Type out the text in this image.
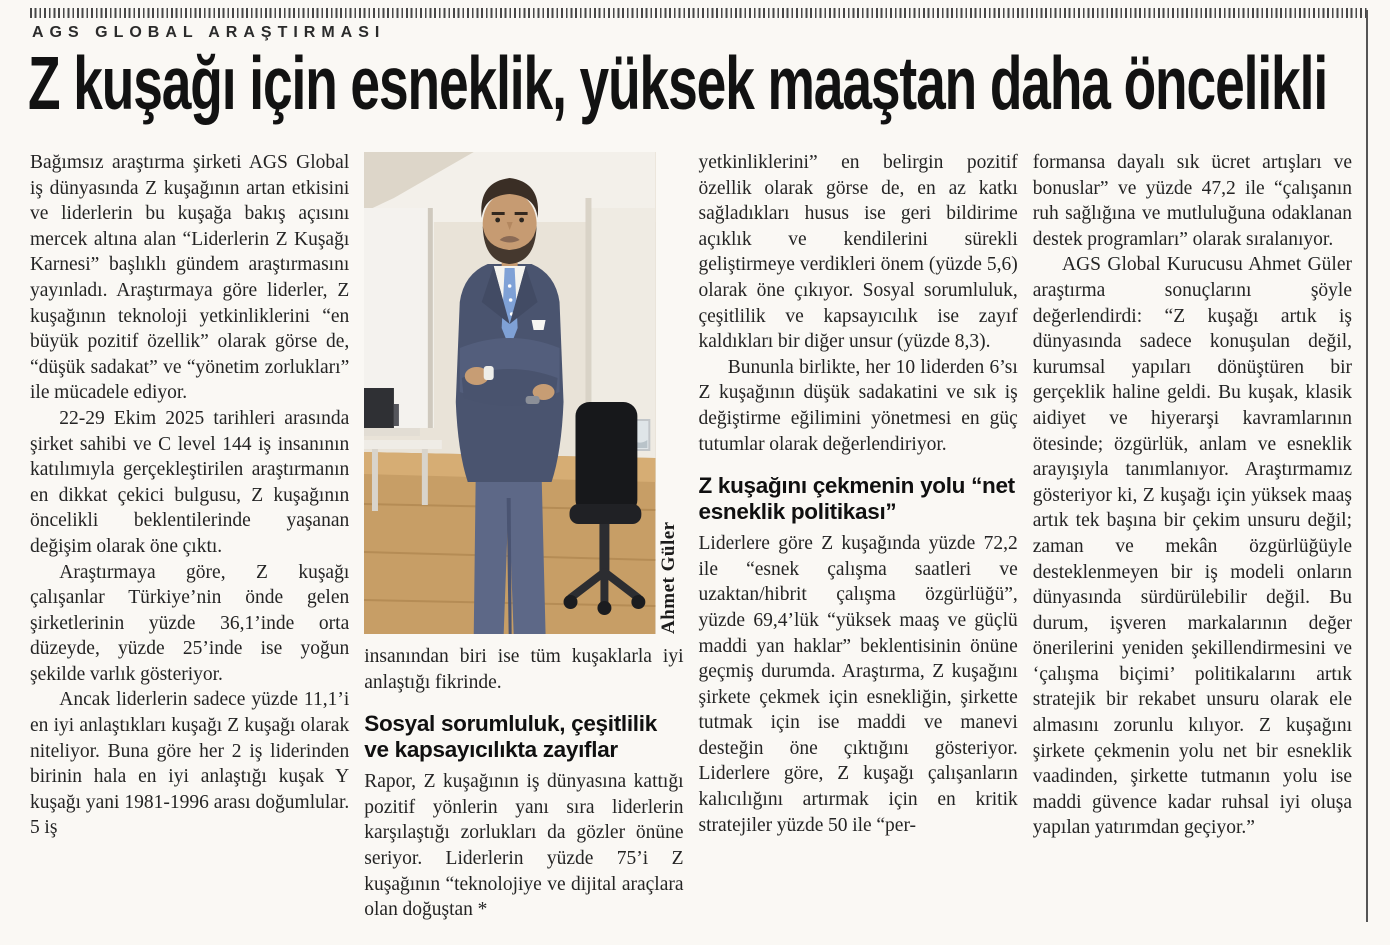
AGS GLOBAL ARAŞTIRMASI

Z kuşağı için esneklik, yüksek maaştan daha öncelikli

Bağımsız araştırma şirketi AGS Global iş dünyasında Z kuşağının artan etkisini ve liderlerin bu kuşağa bakış açısını mercek altına alan “Liderlerin Z Kuşağı Karnesi” başlıklı gündem araştırmasını yayınladı. Araştırmaya göre liderler, Z kuşağının teknoloji yetkinliklerini “en büyük pozitif özellik” olarak görse de, “düşük sadakat” ve “yönetim zorlukları” ile mücadele ediyor.

22-29 Ekim 2025 tarihleri arasında şirket sahibi ve C level 144 iş insanının katılımıyla gerçekleştirilen araştırmanın en dikkat çekici bulgusu, Z kuşağının öncelikli beklentilerinde yaşanan değişim olarak öne çıktı.

Araştırmaya göre, Z kuşağı çalışanlar Türkiye’nin önde gelen şirketlerinin yüzde 36,1’inde orta düzeyde, yüzde 25’inde ise yoğun şekilde varlık gösteriyor.

Ancak liderlerin sadece yüzde 11,1’i en iyi anlaştıkları kuşağı Z kuşağı olarak niteliyor. Buna göre her 2 iş liderinden birinin hala en iyi anlaştığı kuşak Y kuşağı yani 1981-1996 arası doğumlular. 5 iş

Ahmet Güler

insanından biri ise tüm kuşaklarla iyi anlaştığı fikrinde.

Sosyal sorumluluk, çeşitlilik ve kapsayıcılıkta zayıflar

Rapor, Z kuşağının iş dünyasına kattığı pozitif yönlerin yanı sıra liderlerin karşılaştığı zorlukları da gözler önüne seriyor. Liderlerin yüzde 75’i Z kuşağının “teknolojiye ve dijital araçlara olan doğuştan *

yetkinliklerini” en belirgin pozitif özellik olarak görse de, en az katkı sağladıkları husus ise geri bildirime açıklık ve kendilerini sürekli geliştirmeye verdikleri önem (yüzde 5,6) olarak öne çıkıyor. Sosyal sorumluluk, çeşitlilik ve kapsayıcılık ise zayıf kaldıkları bir diğer unsur (yüzde 8,3).

Bununla birlikte, her 10 liderden 6’sı Z kuşağının düşük sadakatini ve sık iş değiştirme eğilimini yönetmesi en güç tutumlar olarak değerlendiriyor.

Z kuşağını çekmenin yolu “net esneklik politikası”

Liderlere göre Z kuşağında yüzde 72,2 ile “esnek çalışma saatleri ve uzaktan/hibrit çalışma özgürlüğü”, yüzde 69,4’lük “yüksek maaş ve güçlü maddi yan haklar” beklentisinin önüne geçmiş durumda. Araştırma, Z kuşağını şirkete çekmek için esnekliğin, şirkette tutmak için ise maddi ve manevi desteğin öne çıktığını gösteriyor. Liderlere göre, Z kuşağı çalışanların kalıcılığını artırmak için en kritik stratejiler yüzde 50 ile “per-

formansa dayalı sık ücret artışları ve bonuslar” ve yüzde 47,2 ile “çalışanın ruh sağlığına ve mutluluğuna odaklanan destek programları” olarak sıralanıyor.

AGS Global Kurucusu Ahmet Güler araştırma sonuçlarını şöyle değerlendirdi: “Z kuşağı artık iş dünyasında sadece konuşulan değil, kurumsal yapıları dönüştüren bir gerçeklik haline geldi. Bu kuşak, klasik aidiyet ve hiyerarşi kavramlarının ötesinde; özgürlük, anlam ve esneklik arayışıyla tanımlanıyor. Araştırmamız gösteriyor ki, Z kuşağı için yüksek maaş artık tek başına bir çekim unsuru değil; zaman ve mekân özgürlüğüyle desteklenmeyen bir iş modeli onların dünyasında sürdürülebilir değil. Bu durum, işveren markalarının değer önerilerini yeniden şekillendirmesini ve ‘çalışma biçimi’ politikalarını artık stratejik bir rekabet unsuru olarak ele almasını zorunlu kılıyor. Z kuşağını şirkete çekmenin yolu net bir esneklik vaadinden, şirkette tutmanın yolu ise maddi güvence kadar ruhsal iyi oluşa yapılan yatırımdan geçiyor.”
